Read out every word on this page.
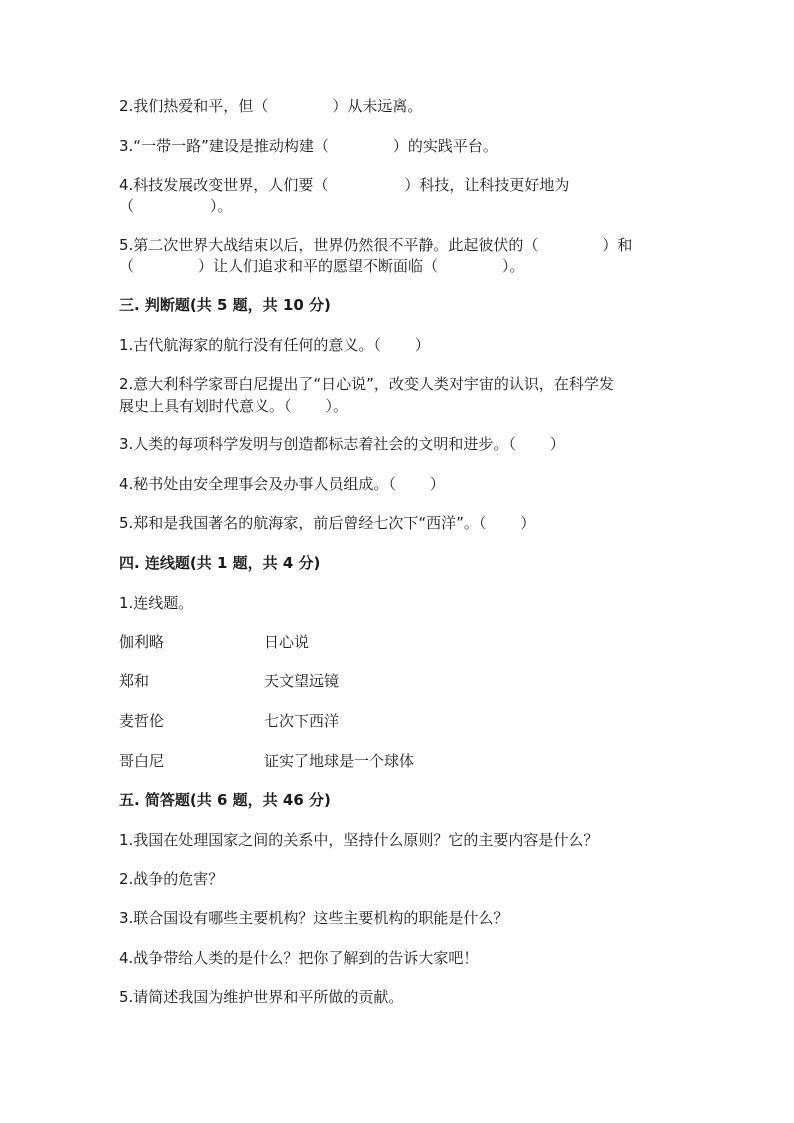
2.我们热爱和平，但（	）从未远离。
3.“一带一路”建设是推动构建（	）的实践平台。
4.科技发展改变世界，人们要（	）科技，让科技更好地为
（	）。
5.第二次世界大战结束以后，世界仍然很不平静。此起彼伏的（	）和
（	）让人们追求和平的愿望不断面临（	）。
三. 判断题(共 5 题，共 10 分)
1.古代航海家的航行没有任何的意义。（ ）
2.意大利科学家哥白尼提出了“日心说”，改变人类对宇宙的认识，在科学发
展史上具有划时代意义。（ ）。
3.人类的每项科学发明与创造都标志着社会的文明和进步。（ ）
4.秘书处由安全理事会及办事人员组成。（ ）
5.郑和是我国著名的航海家，前后曾经七次下“西洋”。（ ）
四. 连线题(共 1 题，共 4 分)
1.连线题。
伽利略	日心说
郑和	天文望远镜
麦哲伦	七次下西洋
哥白尼	证实了地球是一个球体
五. 简答题(共 6 题，共 46 分)
1.我国在处理国家之间的关系中，坚持什么原则？它的主要内容是什么？
2.战争的危害？
3.联合国设有哪些主要机构？这些主要机构的职能是什么？
4.战争带给人类的是什么？把你了解到的告诉大家吧！
5.请简述我国为维护世界和平所做的贡献。
